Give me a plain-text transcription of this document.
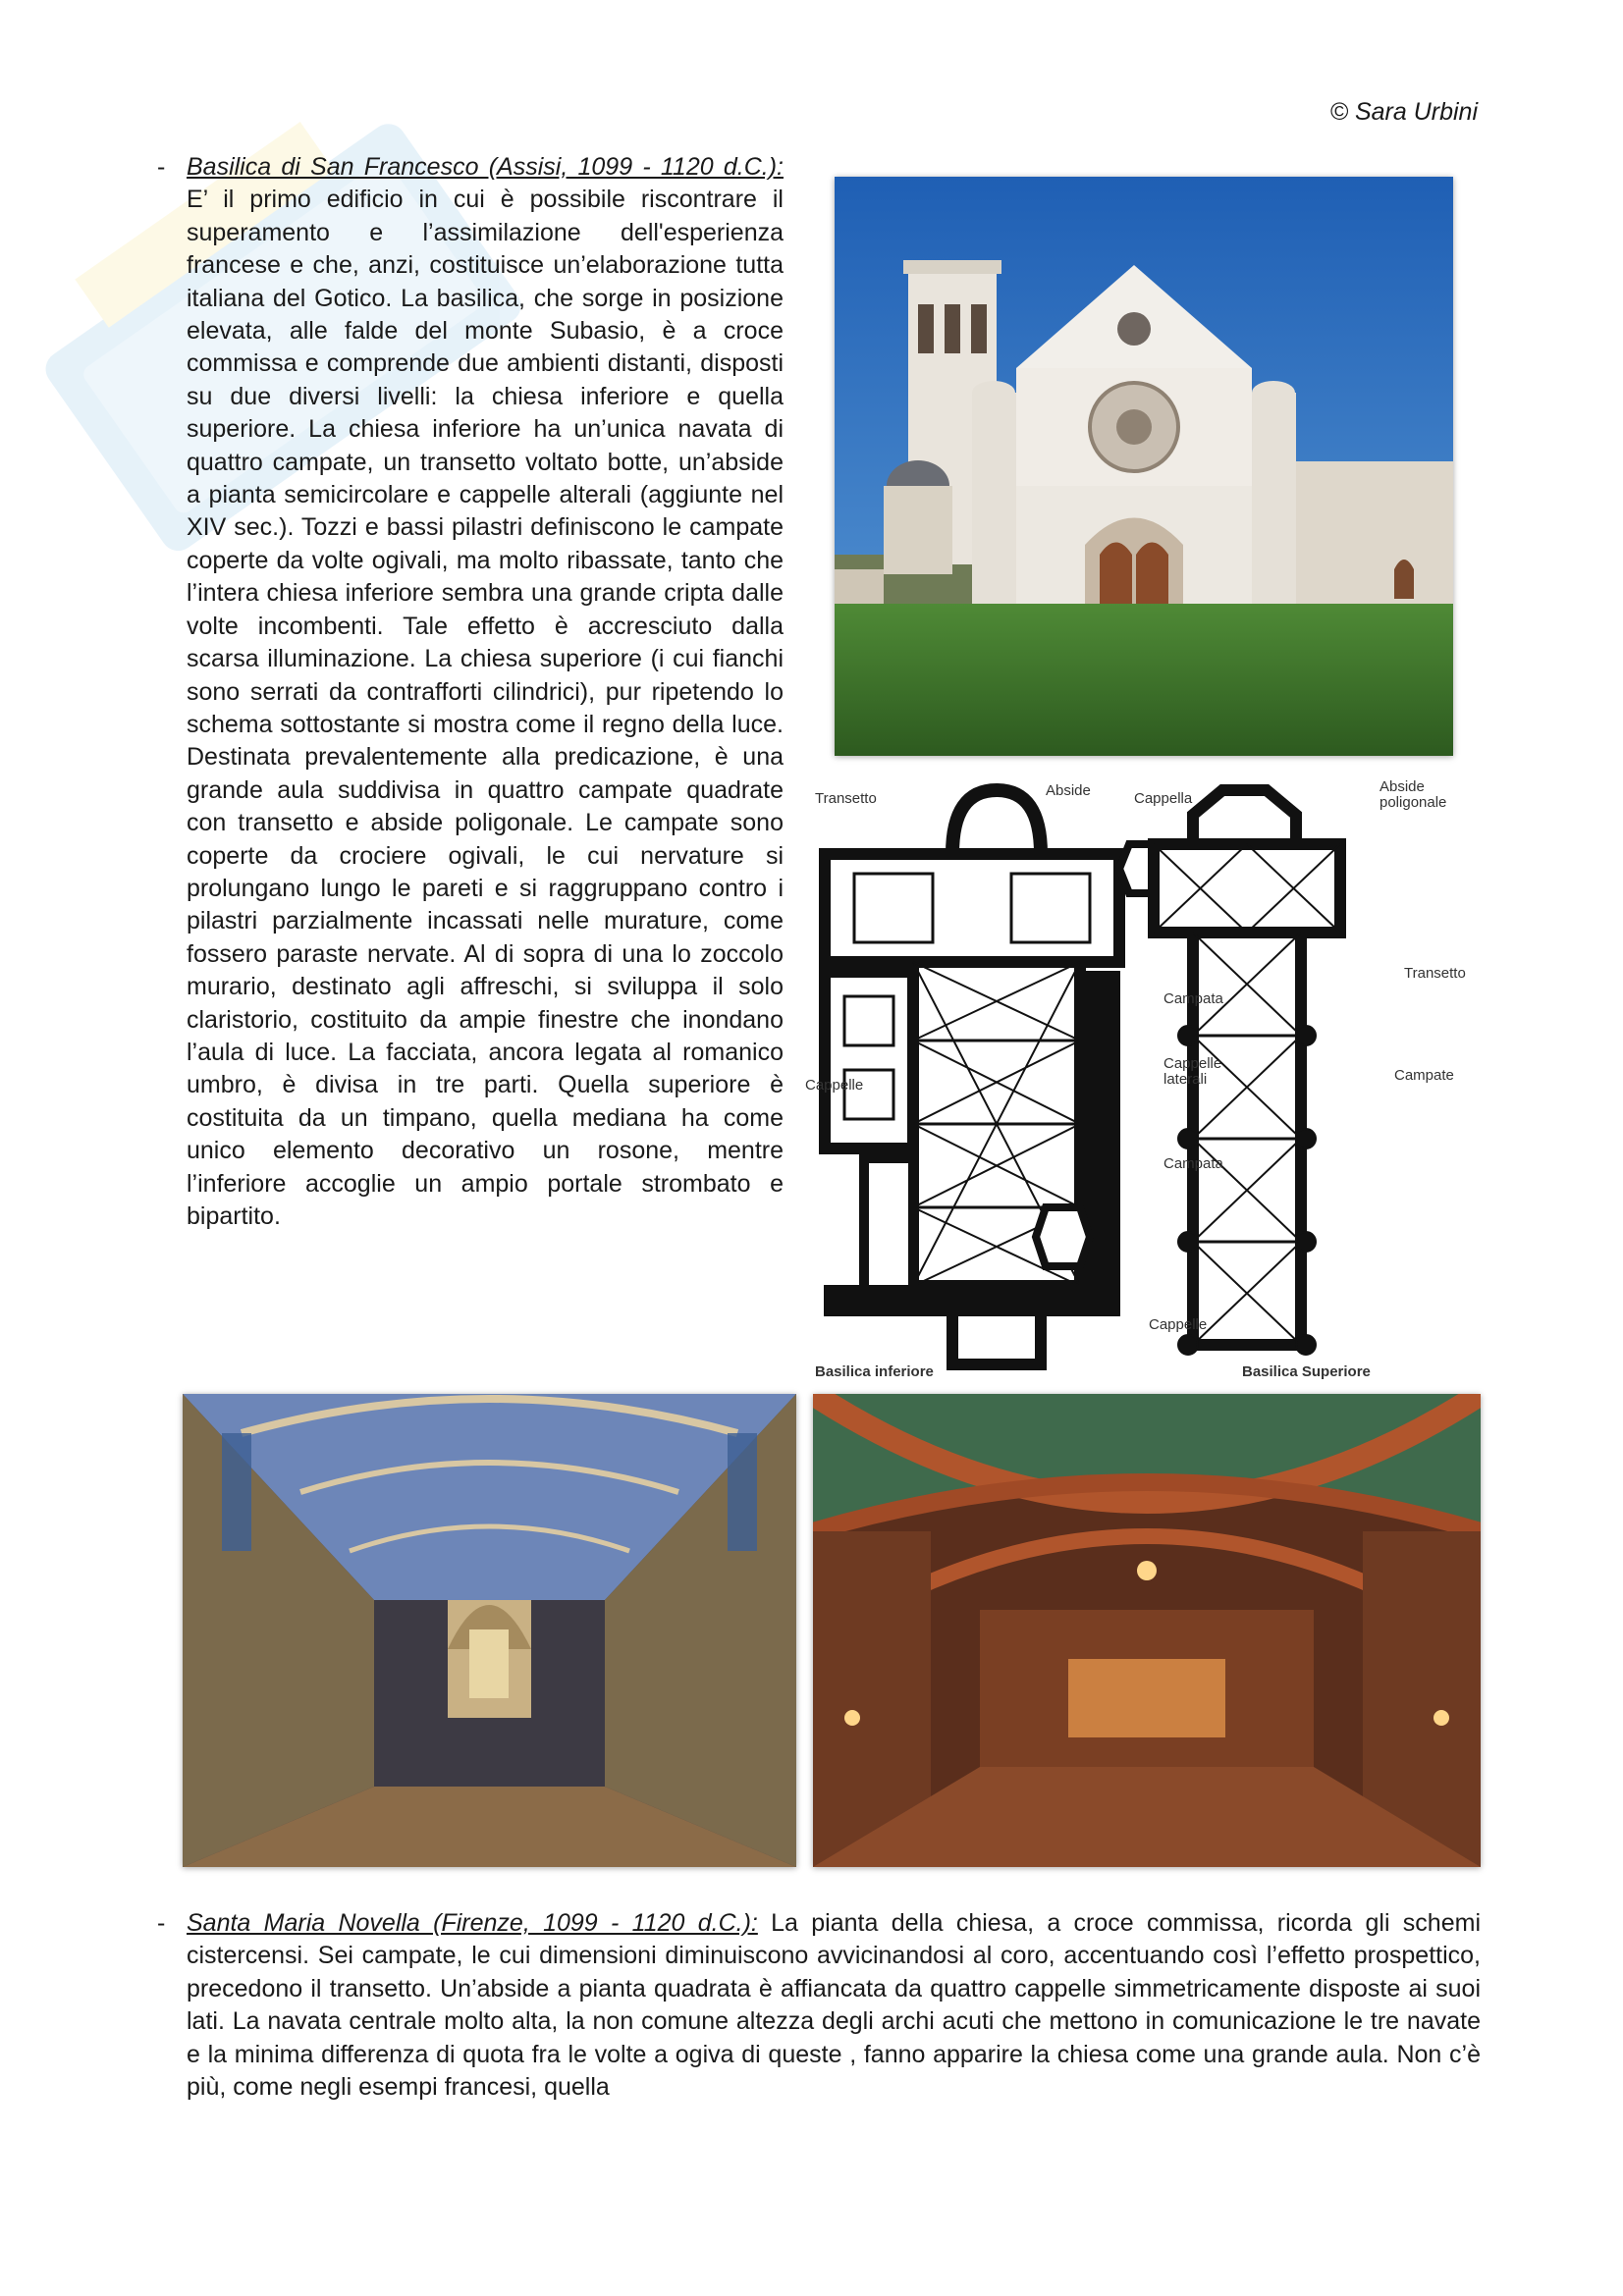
© Sara Urbini
- Basilica di San Francesco (Assisi, 1099 - 1120 d.C.): E’ il primo edificio in cui è possibile riscontrare il superamento e l’assimilazione dell'esperienza francese e che, anzi, costituisce un’elaborazione tutta italiana del Gotico. La basilica, che sorge in posizione elevata, alle falde del monte Subasio, è a croce commissa e comprende due ambienti distanti, disposti su due diversi livelli: la chiesa inferiore e quella superiore. La chiesa inferiore ha un’unica navata di quattro campate, un transetto voltato botte, un’abside a pianta semicircolare e cappelle alterali (aggiunte nel XIV sec.). Tozzi e bassi pilastri definiscono le campate coperte da volte ogivali, ma molto ribassate, tanto che l’intera chiesa inferiore sembra una grande cripta dalle volte incombenti. Tale effetto è accresciuto dalla scarsa illuminazione. La chiesa superiore (i cui fianchi sono serrati da contrafforti cilindrici), pur ripetendo lo schema sottostante si mostra come il regno della luce. Destinata prevalentemente alla predicazione, è una grande aula suddivisa in quattro campate quadrate con transetto e abside poligonale. Le campate sono coperte da crociere ogivali, le cui nervature si prolungano lungo le pareti e si raggruppano contro i pilastri parzialmente incassati nelle murature, come fossero paraste nervate. Al di sopra di una lo zoccolo murario, destinato agli affreschi, si sviluppa il solo claristorio, costituito da ampie finestre che inondano l’aula di luce. La facciata, ancora legata al romanico umbro, è divisa in tre parti. Quella superiore è costituita da un timpano, quella mediana ha come unico elemento decorativo un rosone, mentre l’inferiore accoglie un ampio portale strombato e bipartito.
Transetto	Abside	Cappella
Abside
poligonale
Campata
Cappelle
laterali
Cappelle
Campata
Cappelle
Transetto
Campate
Basilica inferiore	Basilica Superiore
- Santa Maria Novella (Firenze, 1099 - 1120 d.C.): La pianta della chiesa, a croce commissa, ricorda gli schemi cistercensi. Sei campate, le cui dimensioni diminuiscono avvicinandosi al coro, accentuando così l’effetto prospettico, precedono il transetto. Un’abside a pianta quadrata è affiancata da quattro cappelle simmetricamente disposte ai suoi lati. La navata centrale molto alta, la non comune altezza degli archi acuti che mettono in comunicazione le tre navate e la minima differenza di quota fra le volte a ogiva di queste , fanno apparire la chiesa come una grande aula. Non c’è più, come negli esempi francesi, quella
